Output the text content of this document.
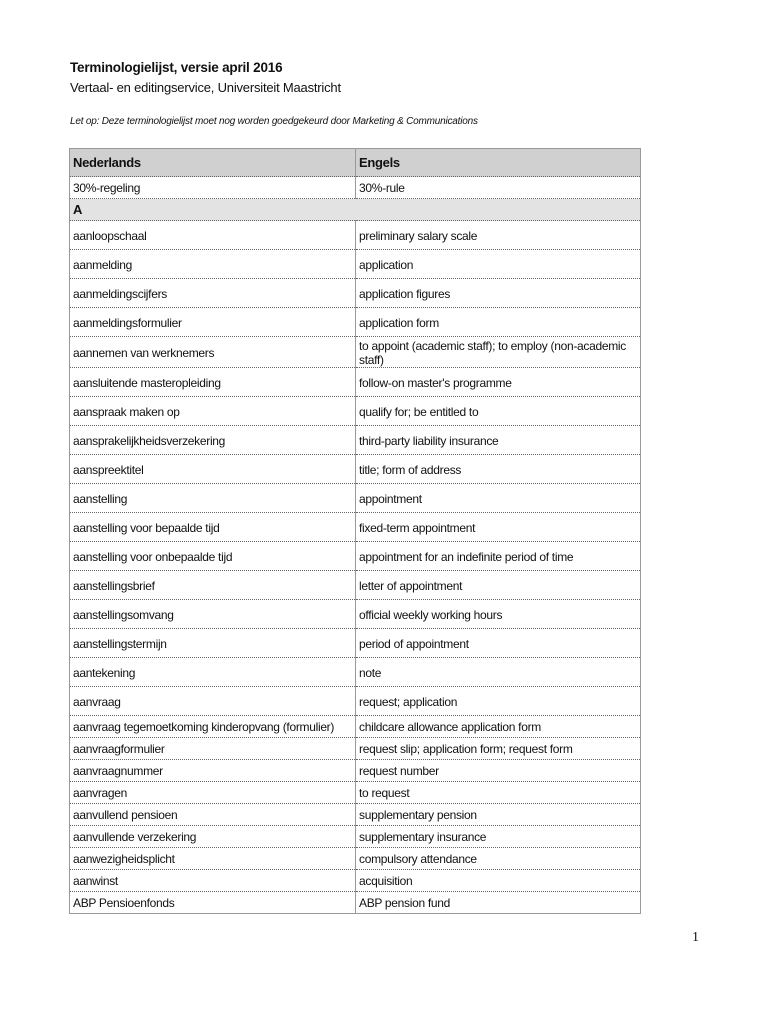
Terminologielijst, versie april 2016
Vertaal- en editingservice, Universiteit Maastricht
Let op: Deze terminologielijst moet nog worden goedgekeurd door Marketing & Communications
Nederlands	Engels
30%-regeling	30%-rule
A	
aanloopschaal	preliminary salary scale
aanmelding	application
aanmeldingscijfers	application figures
aanmeldingsformulier	application form
aannemen van werknemers	to appoint (academic staff); to employ (non-academic staff)
aansluitende masteropleiding	follow-on master's programme
aanspraak maken op	qualify for; be entitled to
aansprakelijkheidsverzekering	third-party liability insurance
aanspreektitel	title; form of address
aanstelling	appointment
aanstelling voor bepaalde tijd	fixed-term appointment
aanstelling voor onbepaalde tijd	appointment for an indefinite period of time
aanstellingsbrief	letter of appointment
aanstellingsomvang	official weekly working hours
aanstellingstermijn	period of appointment
aantekening	note
aanvraag	request; application
aanvraag tegemoetkoming kinderopvang (formulier)	childcare allowance application form
aanvraagformulier	request slip; application form; request form
aanvraagnummer	request number
aanvragen	to request
aanvullend pensioen	supplementary pension
aanvullende verzekering	supplementary insurance
aanwezigheidsplicht	compulsory attendance
aanwinst	acquisition
ABP Pensioenfonds	ABP pension fund
1
